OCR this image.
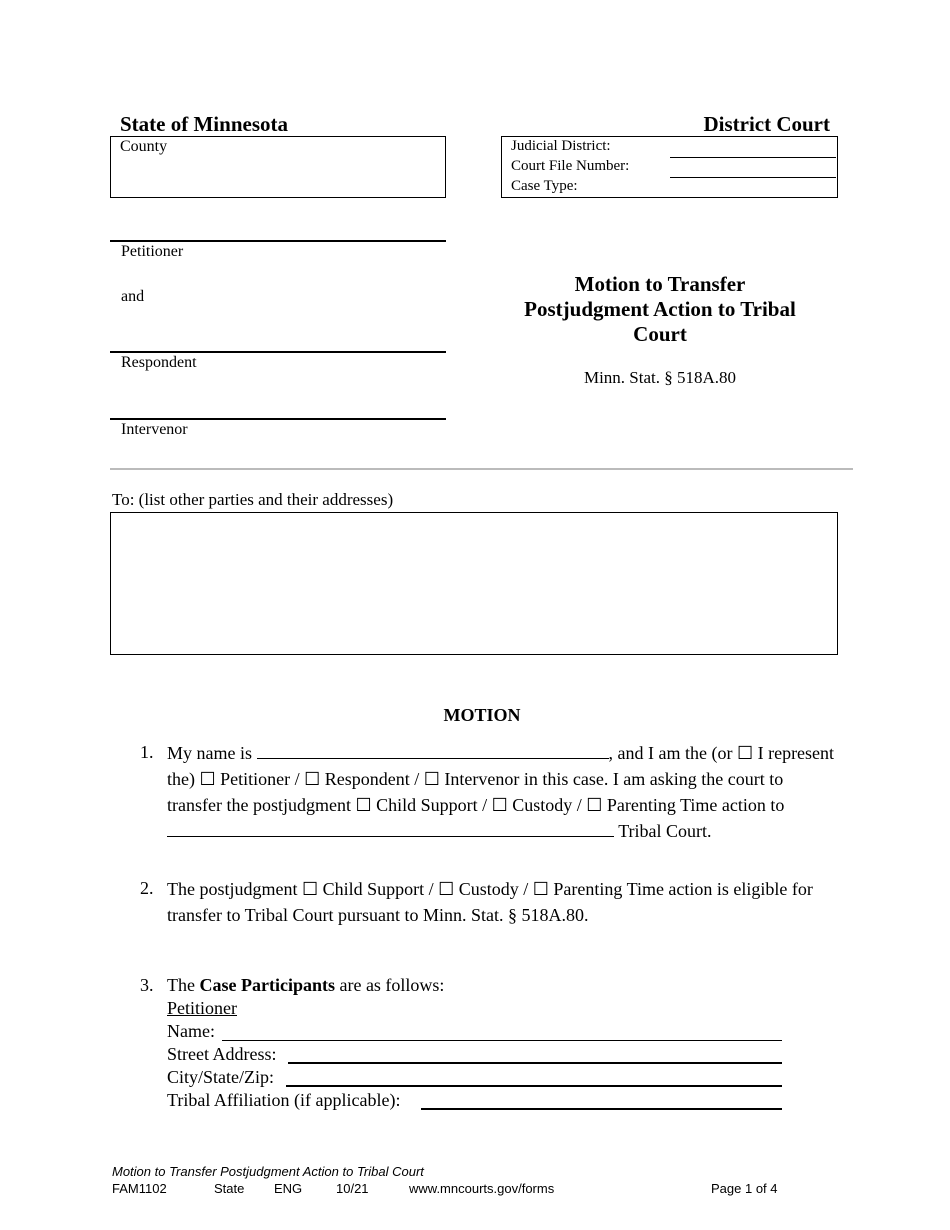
State of Minnesota	District Court
County	Judicial District:
Court File Number:
Case Type:
Petitioner
and
Respondent
Intervenor
Motion to Transfer
Postjudgment Action to Tribal
Court
Minn. Stat. § 518A.80
To: (list other parties and their addresses)
MOTION
1. My name is	, and I am the (or ☐ I represent
the) ☐ Petitioner / ☐ Respondent / ☐ Intervenor in this case. I am asking the court to
transfer the postjudgment ☐ Child Support / ☐ Custody / ☐ Parenting Time action to
Tribal Court.
2. The postjudgment ☐ Child Support / ☐ Custody / ☐ Parenting Time action is eligible for
transfer to Tribal Court pursuant to Minn. Stat. § 518A.80.
3. The Case Participants are as follows:
Petitioner
Name:
Street Address:
City/State/Zip:
Tribal Affiliation (if applicable):
Motion to Transfer Postjudgment Action to Tribal Court
FAM1102	State ENG	10/21	www.mncourts.gov/forms	Page 1 of 4
